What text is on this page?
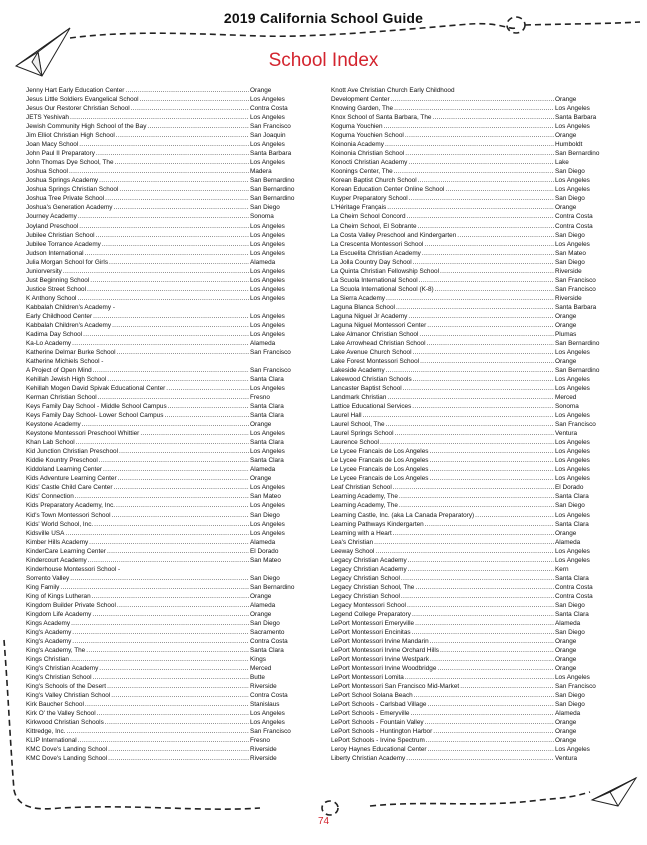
2019 California School Guide
School Index
Jenny Hart Early Education Center .....	Orange
Jesus Little Soldiers Evangelical School .....	Los Angeles
Jesus Our Restorer Christian School .....	Contra Costa
JETS Yeshivah .....	Los Angeles
Jewish Community High School of the Bay .....	San Francisco
Jim Elliot Christian High School .....	San Joaquin
Joan Macy School .....	Los Angeles
John Paul II Preparatory .....	Santa Barbara
John Thomas Dye School, The .....	Los Angeles
Joshua School .....	Madera
Joshua Springs Academy .....	San Bernardino
Joshua Springs Christian School .....	San Bernardino
Joshua Tree Private School .....	San Bernardino
Joshua's Generation Academy .....	San Diego
Journey Academy .....	Sonoma
Joyland Preschool .....	Los Angeles
Jubilee Christian School .....	Los Angeles
Jubilee Torrance Academy .....	Los Angeles
Judson International .....	Los Angeles
Julia Morgan School for Girls .....	Alameda
Juniorversity .....	Los Angeles
Just Beginning School .....	Los Angeles
Justice Street School .....	Los Angeles
K Anthony School .....	Los Angeles
Kabbalah Children's Academy -
Early Childhood Center .....	Los Angeles
Kabbalah Children's Academy .....	Los Angeles
Kadima Day School .....	Los Angeles
Ka-Lo Academy .....	Alameda
Katherine Delmar Burke School .....	San Francisco
Katherine Michiels School -
A Project of Open Mind .....	San Francisco
Kehillah Jewish High School .....	Santa Clara
Kehillah Mogen David Spivak Educational Center .....	Los Angeles
Kerman Christian School .....	Fresno
Keys Family Day School - Middle School Campus .....	Santa Clara
Keys Family Day School- Lower School Campus .....	Santa Clara
Keystone Academy .....	Orange
Keystone Montessori Preschool Whittier .....	Los Angeles
Khan Lab School .....	Santa Clara
Kid Junction Christian Preschool .....	Los Angeles
Kiddie Kountry Preschool .....	Santa Clara
Kiddoland Learning Center .....	Alameda
Kids Adventure Learning Center .....	Orange
Kids' Castle Child Care Center .....	Los Angeles
Kids' Connection .....	San Mateo
Kids Preparatory Academy, Inc. .....	Los Angeles
Kid's Town Montessori School .....	San Diego
Kids' World School, Inc. .....	Los Angeles
Kidsville USA .....	Los Angeles
Kimber Hills Academy .....	Alameda
KinderCare Learning Center .....	El Dorado
Kindercourt Academy .....	San Mateo
Kinderhouse Montessori School -
Sorrento Valley .....	San Diego
King Family .....	San Bernardino
King of Kings Lutheran .....	Orange
Kingdom Builder Private School .....	Alameda
Kingdom Life Academy .....	Orange
Kings Academy .....	San Diego
King's Academy .....	Sacramento
King's Academy .....	Contra Costa
King's Academy, The .....	Santa Clara
Kings Christian .....	Kings
King's Christian Academy .....	Merced
King's Christian School .....	Butte
King's Schools of the Desert .....	Riverside
King's Valley Christian School .....	Contra Costa
Kirk Baucher School .....	Stanislaus
Kirk O' the Valley School .....	Los Angeles
Kirkwood Christian Schools .....	Los Angeles
Kittredge, Inc. .....	San Francisco
KLIP International .....	Fresno
KMC Dove's Landing School .....	Riverside
KMC Dove's Landing School .....	Riverside
Knott Ave Christian Church Early Childhood
Development Center .....	Orange
Knowing Garden, The .....	Los Angeles
Knox School of Santa Barbara, The .....	Santa Barbara
Koguma Youchien .....	Los Angeles
Koguma Youchien School .....	Orange
Koinonia Academy .....	Humboldt
Koinonia Christian School .....	San Bernardino
Konocti Christian Academy .....	Lake
Koonings Center, The .....	San Diego
Korean Baptist Church School .....	Los Angeles
Korean Education Center Online School .....	Los Angeles
Kuyper Preparatory School .....	San Diego
L'Héritage Français .....	Orange
La Cheim School Concord .....	Contra Costa
La Cheim School, El Sobrante .....	Contra Costa
La Costa Valley Preschool and Kindergarten .....	San Diego
La Crescenta Montessori School .....	Los Angeles
La Escuelita Christian Academy .....	San Mateo
La Jolla Country Day School .....	San Diego
La Quinta Christian Fellowship School .....	Riverside
La Scuola International School .....	San Francisco
La Scuola International School (K-8) .....	San Francisco
La Sierra Academy .....	Riverside
Laguna Blanca School .....	Santa Barbara
Laguna Niguel Jr Academy .....	Orange
Laguna Niguel Montessori Center .....	Orange
Lake Almanor Christian School .....	Plumas
Lake Arrowhead Christian School .....	San Bernardino
Lake Avenue Church School .....	Los Angeles
Lake Forest Montessori School .....	Orange
Lakeside Academy .....	San Bernardino
Lakewood Christian Schools .....	Los Angeles
Lancaster Baptist School .....	Los Angeles
Landmark Christian .....	Merced
Lattice Educational Services .....	Sonoma
Laurel Hall .....	Los Angeles
Laurel School, The .....	San Francisco
Laurel Springs School .....	Ventura
Laurence School .....	Los Angeles
Le Lycee Francais de Los Angeles .....	Los Angeles
Le Lycee Francais de Los Angeles .....	Los Angeles
Le Lycee Francais de Los Angeles .....	Los Angeles
Le Lycee Francais de Los Angeles .....	Los Angeles
Leaf Christian School .....	El Dorado
Learning Academy, The .....	Santa Clara
Learning Academy, The .....	San Diego
Learning Castle, Inc. (aka La Canada Preparatory) .....	Los Angeles
Learning Pathways Kindergarten .....	Santa Clara
Learning with a Heart .....	Orange
Lea's Christian .....	Alameda
Leeway School .....	Los Angeles
Legacy Christian Academy .....	Los Angeles
Legacy Christian Academy .....	Kern
Legacy Christian School .....	Santa Clara
Legacy Christian School, The .....	Contra Costa
Legacy Christian School .....	Contra Costa
Legacy Montessori School .....	San Diego
Legend College Preparatory .....	Santa Clara
LePort Montessori Emeryville .....	Alameda
LePort Montessori Encinitas .....	San Diego
LePort Montessori Irvine Mandarin .....	Orange
LePort Montessori Irvine Orchard Hills .....	Orange
LePort Montessori Irvine Westpark .....	Orange
LePort Montessori Irvine Woodbridge .....	Orange
LePort Montessori Lomita .....	Los Angeles
LePort Montessori San Francisco Mid-Market .....	San Francisco
LePort School Solana Beach .....	San Diego
LePort Schools - Carlsbad Village .....	San Diego
LePort Schools - Emeryville .....	Alameda
LePort Schools - Fountain Valley .....	Orange
LePort Schools - Huntington Harbor .....	Orange
LePort Schools - Irvine Spectrum .....	Orange
Leroy Haynes Educational Center .....	Los Angeles
Liberty Christian Academy .....	Ventura
74
